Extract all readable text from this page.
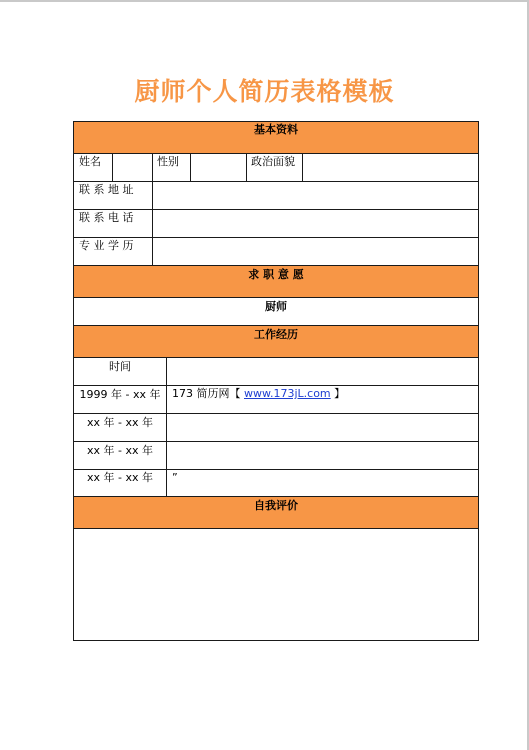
厨师个人简历表格模板
基本资料
求 职 意 愿
工作经历
自我评价
姓名	性别	政治面貌
联 系 地 址
联 系 电 话
专 业 学 历
厨师
时间
1999 年 - xx 年 173 简历网【 www.173jL.com 】
xx 年 - xx 年
xx 年 - xx 年
xx 年 - xx 年 ”
